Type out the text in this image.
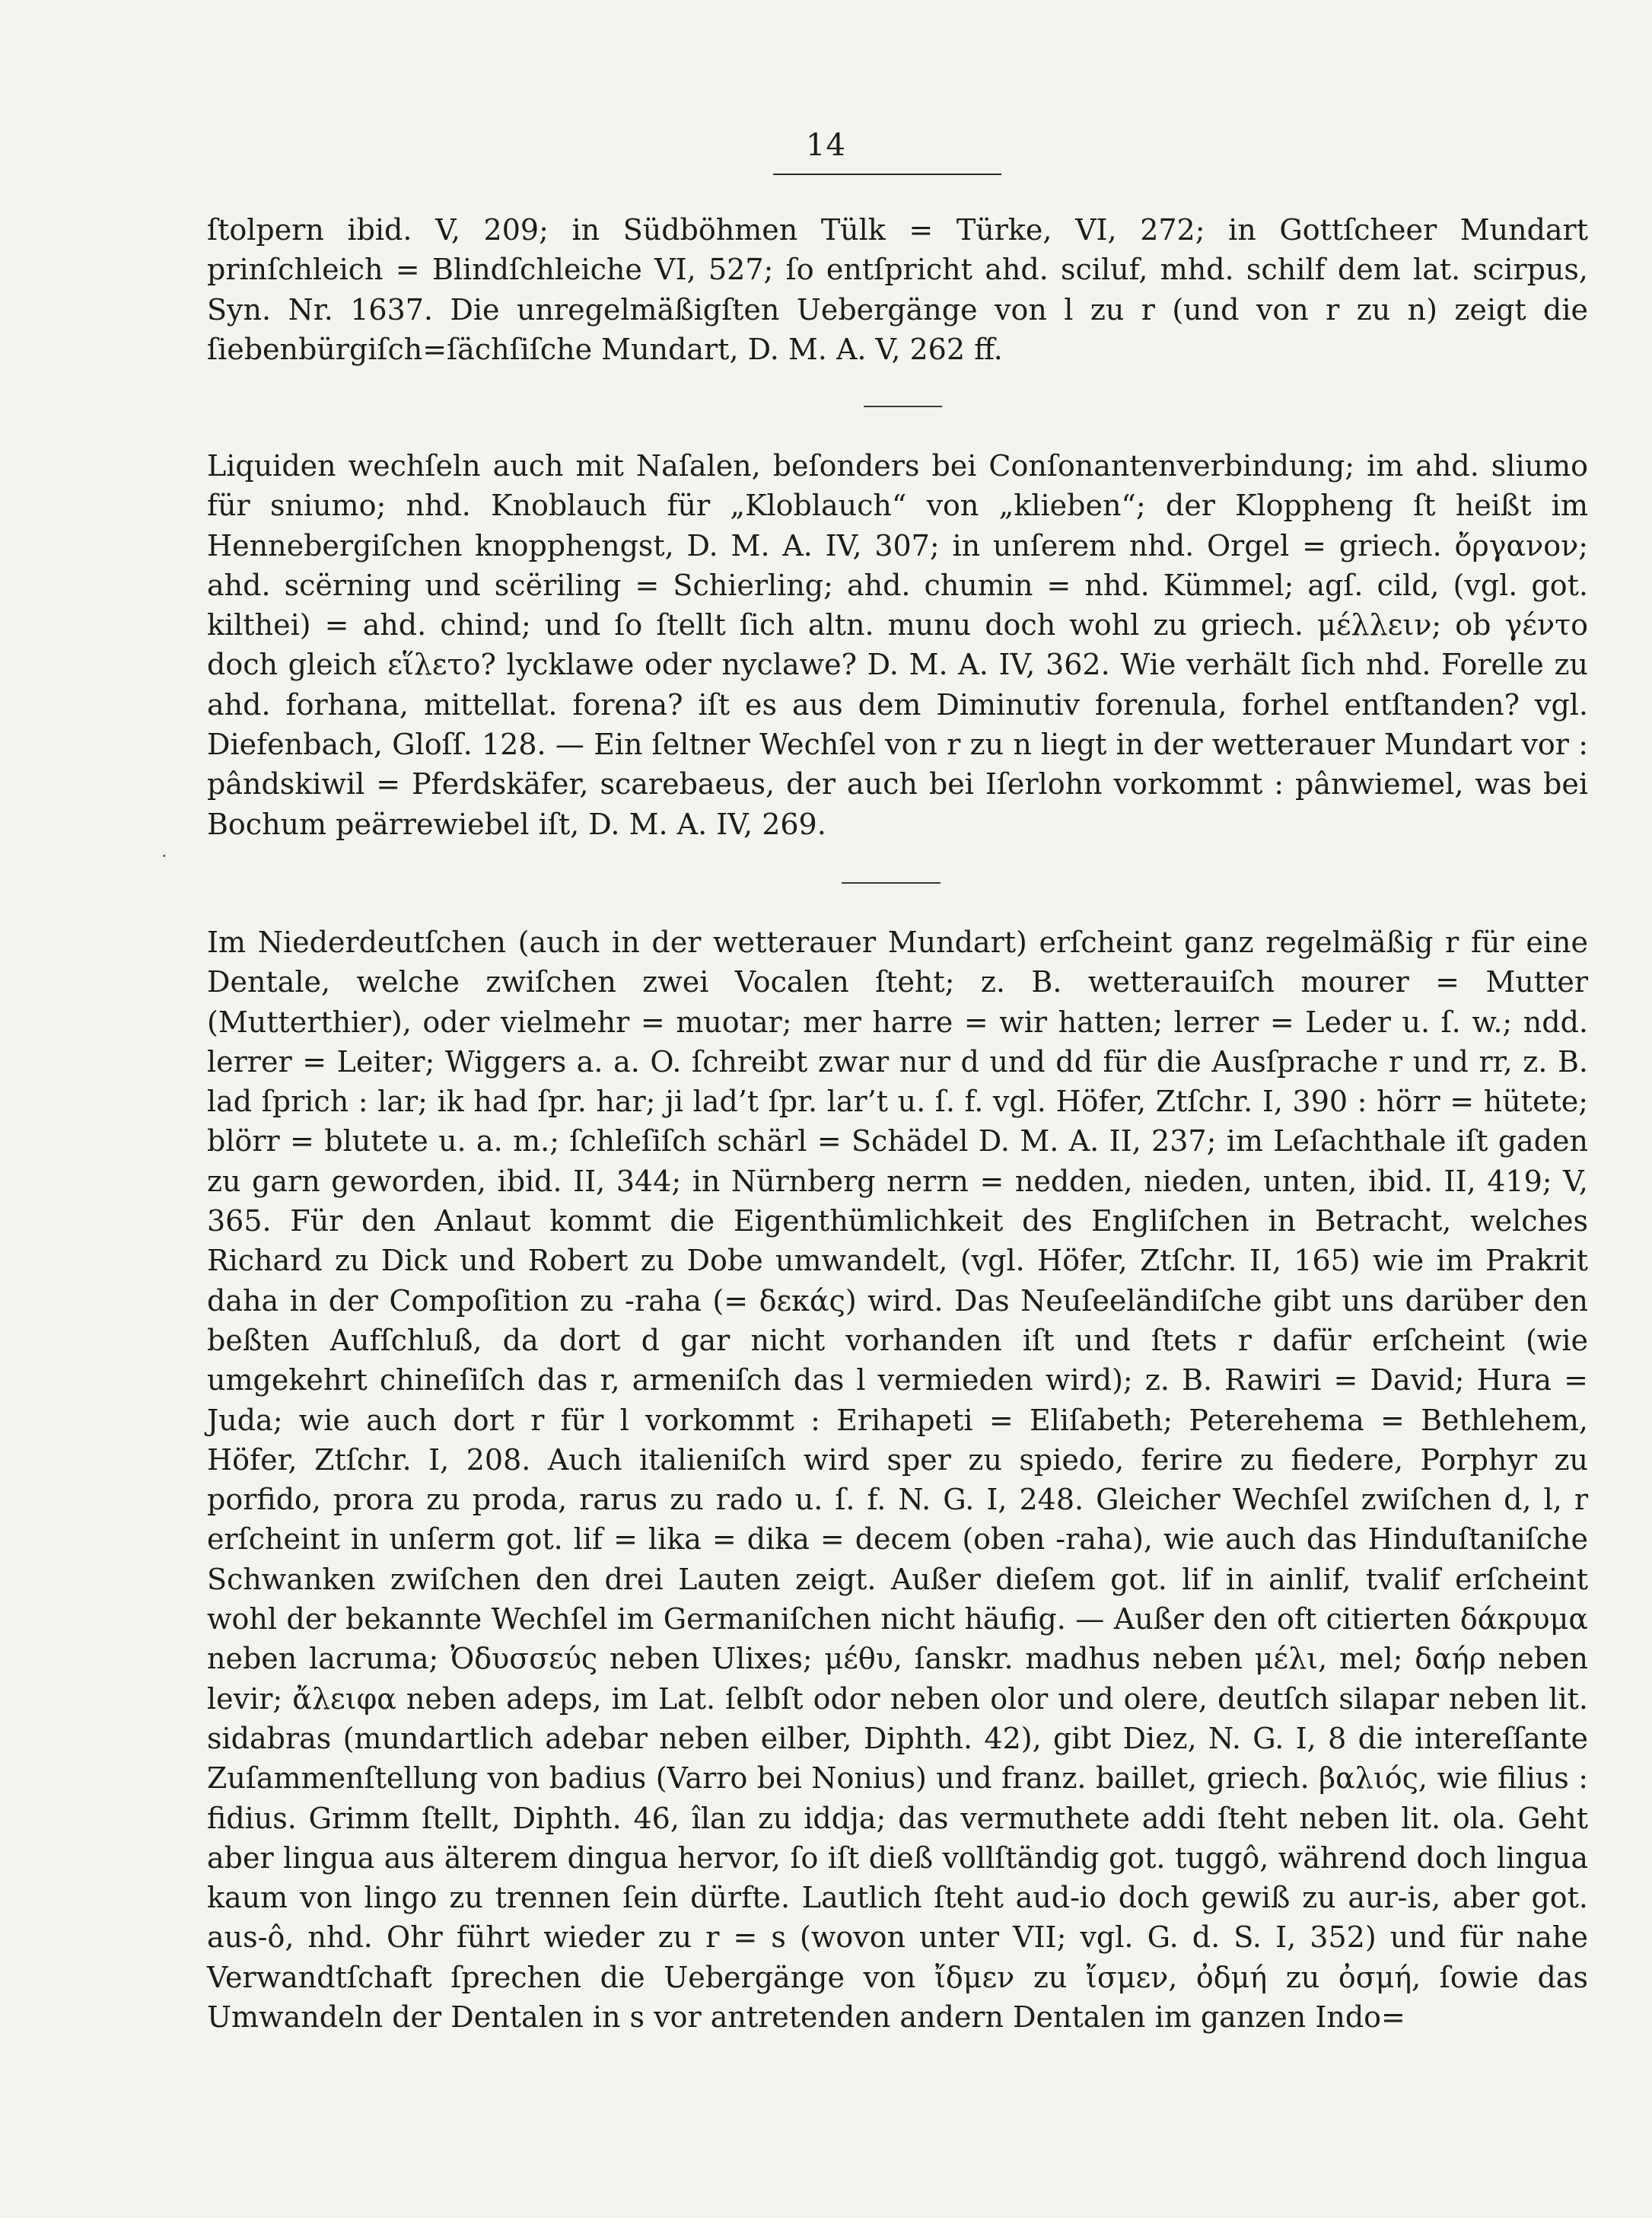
14

ſtolpern ibid. V, 209; in Südböhmen Tülk = Türke, VI, 272; in Gottſcheer Mundart prinſchleich = Blindſchleiche VI, 527; ſo entſpricht ahd. sciluf, mhd. schilf dem lat. scirpus, Syn. Nr. 1637. Die unregelmäßigſten Uebergänge von l zu r (und von r zu n) zeigt die ſiebenbürgiſch=ſächſiſche Mundart, D. M. A. V, 262 ff.

Liquiden wechſeln auch mit Naſalen, beſonders bei Conſonantenverbindung; im ahd. sliumo für sniumo; nhd. Knoblauch für „Kloblauch“ von „klieben“; der Kloppheng ſt heißt im Hennebergiſchen knopphengst, D. M. A. IV, 307; in unſerem nhd. Orgel = griech. ὄργανον; ahd. scërning und scëriling = Schierling; ahd. chumin = nhd. Kümmel; agſ. cild, (vgl. got. kilthei) = ahd. chind; und ſo ſtellt ſich altn. munu doch wohl zu griech. μέλλειν; ob γέντο doch gleich εἵλετο? lycklawe oder nyclawe? D. M. A. IV, 362. Wie verhält ſich nhd. Forelle zu ahd. forhana, mittellat. forena? iſt es aus dem Diminutiv forenula, forhel entſtanden? vgl. Diefenbach, Gloſſ. 128. — Ein ſeltner Wechſel von r zu n liegt in der wetterauer Mundart vor : pândskiwil = Pferdskäfer, scarebaeus, der auch bei Iſerlohn vorkommt : pânwiemel, was bei Bochum peärrewiebel iſt, D. M. A. IV, 269.

Im Niederdeutſchen (auch in der wetterauer Mundart) erſcheint ganz regelmäßig r für eine Dentale, welche zwiſchen zwei Vocalen ſteht; z. B. wetterauiſch mourer = Mutter (Mutterthier), oder vielmehr = muotar; mer harre = wir hatten; lerrer = Leder u. ſ. w.; ndd. lerrer = Leiter; Wiggers a. a. O. ſchreibt zwar nur d und dd für die Ausſprache r und rr, z. B. lad ſprich : lar; ik had ſpr. har; ji lad’t ſpr. lar’t u. ſ. f. vgl. Höfer, Ztſchr. I, 390 : hörr = hütete; blörr = blutete u. a. m.; ſchleſiſch schärl = Schädel D. M. A. II, 237; im Leſachthale iſt gaden zu garn geworden, ibid. II, 344; in Nürnberg nerrn = nedden, nieden, unten, ibid. II, 419; V, 365. Für den Anlaut kommt die Eigenthümlichkeit des Engliſchen in Betracht, welches Richard zu Dick und Robert zu Dobe umwandelt, (vgl. Höfer, Ztſchr. II, 165) wie im Prakrit daha in der Compoſition zu -raha (= δεκάς) wird. Das Neuſeeländiſche gibt uns darüber den beßten Aufſchluß, da dort d gar nicht vorhanden iſt und ſtets r dafür erſcheint (wie umgekehrt chineſiſch das r, armeniſch das l vermieden wird); z. B. Rawiri = David; Hura = Juda; wie auch dort r für l vorkommt : Erihapeti = Eliſabeth; Peterehema = Bethlehem, Höfer, Ztſchr. I, 208. Auch italieniſch wird sper zu spiedo, ferire zu fiedere, Porphyr zu porfido, prora zu proda, rarus zu rado u. ſ. f. N. G. I, 248. Gleicher Wechſel zwiſchen d, l, r erſcheint in unſerm got. lif = lika = dika = decem (oben -raha), wie auch das Hinduſtaniſche Schwanken zwiſchen den drei Lauten zeigt. Außer dieſem got. lif in ainlif, tvalif erſcheint wohl der bekannte Wechſel im Germaniſchen nicht häufig. — Außer den oft citierten δάκρυμα neben lacruma; Ὀδυσσεύς neben Ulixes; μέθυ, ſanskr. madhus neben μέλι, mel; δαήρ neben levir; ἄλειφα neben adeps, im Lat. ſelbſt odor neben olor und olere, deutſch silapar neben lit. sidabras (mundartlich adebar neben eilber, Diphth. 42), gibt Diez, N. G. I, 8 die intereſſante Zuſammenſtellung von badius (Varro bei Nonius) und franz. baillet, griech. βαλιός, wie filius : fidius. Grimm ſtellt, Diphth. 46, îlan zu iddja; das vermuthete addi ſteht neben lit. ola. Geht aber lingua aus älterem dingua hervor, ſo iſt dieß vollſtändig got. tuggô, während doch lingua kaum von lingo zu trennen ſein dürfte. Lautlich ſteht aud-io doch gewiß zu aur-is, aber got. aus-ô, nhd. Ohr führt wieder zu r = s (wovon unter VII; vgl. G. d. S. I, 352) und für nahe Verwandtſchaft ſprechen die Uebergänge von ἴδμεν zu ἴσμεν, ὀδμή zu ὀσμή, ſowie das Umwandeln der Dentalen in s vor antretenden andern Dentalen im ganzen Indo=

·
